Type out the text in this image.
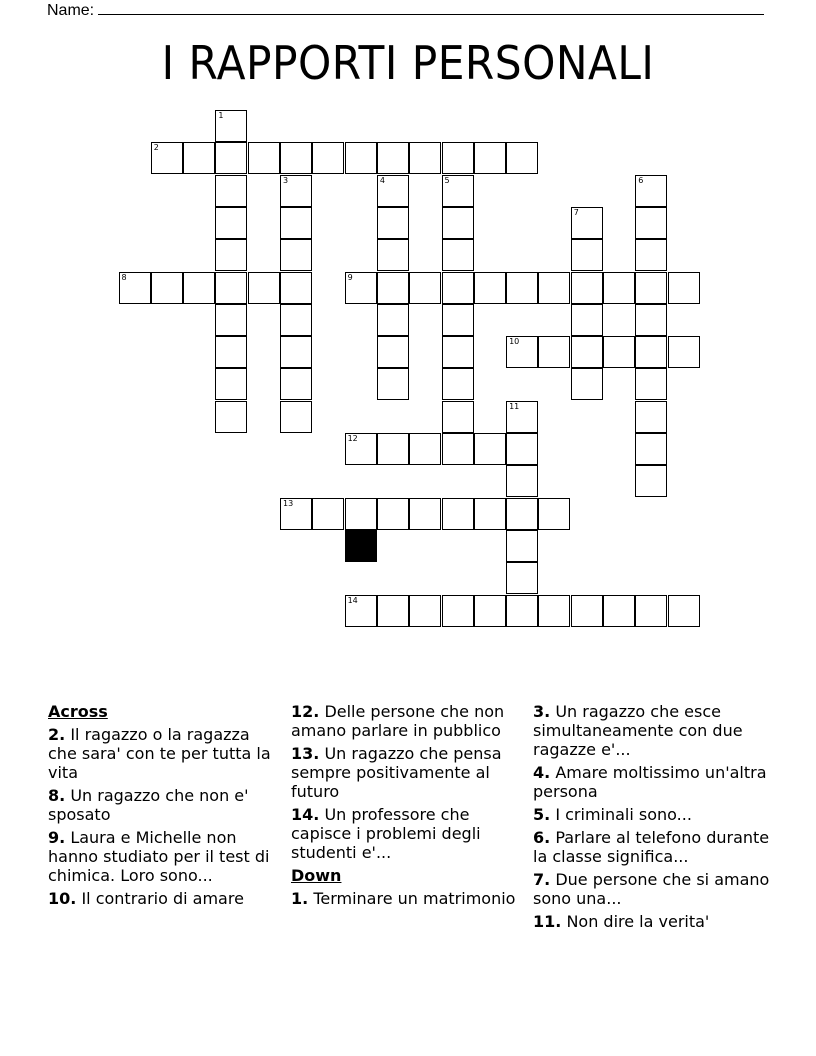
Name:
I RAPPORTI PERSONALI
1
2
3	4	5	6
7
8	9
10
11
12
13
14
Across
2. Il ragazzo o la ragazza che sara' con te per tutta la vita
8. Un ragazzo che non e' sposato
9. Laura e Michelle non hanno studiato per il test di chimica. Loro sono...
10. Il contrario di amare
12. Delle persone che non amano parlare in pubblico
13. Un ragazzo che pensa sempre positivamente al futuro
14. Un professore che capisce i problemi degli studenti e'...
Down
1. Terminare un matrimonio
3. Un ragazzo che esce simultaneamente con due ragazze e'...
4. Amare moltissimo un'altra persona
5. I criminali sono...
6. Parlare al telefono durante la classe significa...
7. Due persone che si amano sono una...
11. Non dire la verita'
